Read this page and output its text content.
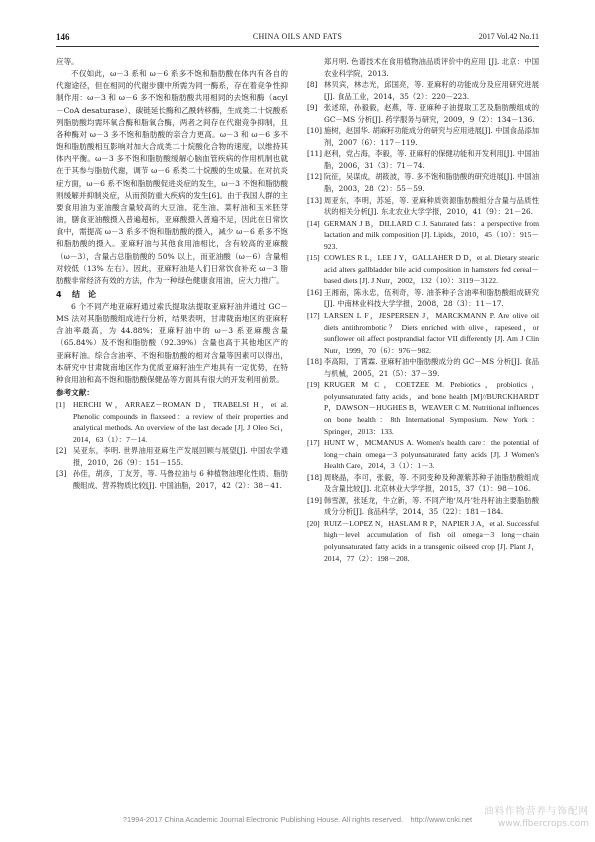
146	CHINA OILS AND FATS	2017 Vol.42 No.11

应等。

不仅如此，ω－3 系和 ω－6 系多不饱和脂肪酸在体内有各自的代谢途径，但在相同的代谢步骤中所需为同一酶系，存在着竞争性抑制作用：ω－3 和 ω－6 多不饱和脂肪酸共用相同的去饱和酶（acyl－CoA desaturase）、碳链延长酶和乙酰转移酶，生成类二十烷酸系列脂肪酸均需环氧合酶和脂氧合酶，两者之间存在代谢竞争抑制，且各种酶对 ω－3 多不饱和脂肪酸的亲合力更高。ω－3 和 ω－6 多不饱和脂肪酸相互影响对加大合成类二十烷酸化合物的速度，以维持其体内平衡。ω－3 多不饱和脂肪酸缓解心脑血管疾病的作用机制也就在于其参与脂肪代谢，调节 ω－6 系类二十烷酸的生成量。在对抗炎症方面，ω－6 系不饱和脂肪酸促进炎症的发生，ω－3 不饱和脂肪酸则缓解并抑制炎症，从而预防重大疾病的发生[6]。由于我国人群的主要食用油为亚油酸含量较高的大豆油、花生油、菜籽油和玉米胚芽油，膳食亚油酸摄入普遍超标，亚麻酸摄入普遍不足，因此在日常饮食中，需提高 ω－3 系多不饱和脂肪酸的摄入，减少 ω－6 系多不饱和脂肪酸的摄入。亚麻籽油与其他食用油相比，含有较高的亚麻酸（ω－3），含量占总脂肪酸的 50% 以上，而亚油酸（ω－6）含量相对较低（13% 左右）。因此，亚麻籽油是人们日常饮食补充 ω－3 脂肪酸非常经济有效的方法，作为一种绿色健康食用油，应大力推广。

4 结　论

6 个不同产地亚麻籽通过索氏提取法提取亚麻籽油并通过 GC－MS 法对其脂肪酸组成进行分析，结果表明，甘肃陇南地区的亚麻籽含油率最高，为 44.88%；亚麻籽油中的 ω－3 系亚麻酸含量（65.84%）及不饱和脂肪酸（92.39%）含量也高于其他地区产的亚麻籽油。综合含油率、不饱和脂肪酸的相对含量等因素可以得出，本研究中甘肃陇南地区作为优质亚麻籽油生产地具有一定优势，在特种食用油和高不饱和脂肪酸保健品等方面具有很大的开发利用前景。

参考文献：
[1] HERCHI W，ARRAEZ－ROMAN D，TRABELSI H，et al. Phenolic compounds in flaxseed：a review of their properties and analytical methods. An overview of the last decade [J]. J Oleo Sci，2014，63（1）：7－14.
[2] 吴亚东，李明. 世界油用亚麻生产发展回顾与展望[J]. 中国农学通报，2010，26（9）：151－155.
[3] 孙佳，胡彦，丁友芳，等. 马鲁拉油与 6 种植物油理化性质、脂肪酸组成、营养物质比较[J]. 中国油脂，2017，42（2）：38－41.
郑月明. 色谱技术在食用植物油品质评价中的应用 [J]. 北京：中国农业科学院，2013.
[8] 林贝宾，林志光，邱国亮，等. 亚麻籽的功能成分及应用研究进展[J]. 食品工业，2014，35（2）：220－223.
[9] 张述琼，孙毅毅，赵燕，等. 亚麻种子油提取工艺及脂肪酸组成的 GC－MS 分析[J]. 药学服务与研究，2009，9（2）：134－136.
[10] 施树，赵国华. 胡麻籽功能成分的研究与应用进展[J]. 中国食品添加剂，2007（6）：117－119.
[11] 赵利，党占海，李毅，等. 亚麻籽的保健功能和开发利用[J]. 中国油脂，2006，31（3）：71－74.
[12] 阮征，吴谋成，胡筱波，等. 多不饱和脂肪酸的研究进展[J]. 中国油脂，2003，28（2）：55－59.
[13] 周亚东，李明，苏延，等. 亚麻种质资源脂肪酸组分含量与品质性状的相关分析[J]. 东北农业大学学报，2010，41（9）：21－26.
[14] GERMAN J B，DILLARD C J. Saturated fats：a perspective from lactation and milk composition [J]. Lipids，2010，45（10）：915－923.
[15] COWLES R L，LEE J Y，GALLAHER D D，et al. Dietary stearic acid alters gallbladder bile acid composition in hamsters fed cereal－based diets [J]. J Nutr，2002，132（10）：3119－3122.
[16] 王湘南，陈永忠，伍利奇，等. 油茶种子含油率和脂肪酸组成研究[J]. 中南林业科技大学学报，2008，28（3）：11－17.
[17] LARSEN L F，JESPERSEN J，MARCKMANN P. Are olive oil diets antithrombotic？ Diets enriched with olive，rapeseed，or sunflower oil affect postprandial factor VII differently [J]. Am J Clin Nutr，1999，70（6）：976－982.
[18] 李高阳，丁霄霖. 亚麻籽油中脂肪酸成分的 GC－MS 分析[J]. 食品与机械，2005，21（5）：37－39.
[19] KRUGER M C，COETZEE M. Prebiotics，probiotics，polyunsaturated fatty acids，and bone health [M]//BURCKHARDT P，DAWSON－HUGHES B，WEAVER C M. Nutritional influences on bone health：8th International Symposium. New York：Springer，2013：133.
[17] HUNT W，MCMANUS A. Women's health care：the potential of long－chain omega－3 polyunsaturated fatty acids [J]. J Women's Health Care，2014，3（1）：1－3.
[18] 周晓晶，李可，张毅，等. 不同变种及种源紫苏种子油脂肪酸组成及含量比较[J]. 北京林业大学学报，2015，37（1）：98－106.
[19] 韩雪源，张延龙，牛立新，等. 不同产地‘凤丹’牡丹籽油主要脂肪酸成分分析[J]. 食品科学，2014，35（22）：181－184.
[20] RUIZ－LOPEZ N，HASLAM R P，NAPIER J A，et al. Successful high－level accumulation of fish oil omega－3 long－chain polyunsaturated fatty acids in a transgenic oilseed crop [J]. Plant J，2014，77（2）：198－208.
?1994-2017 China Academic Journal Electronic Publishing House. All rights reserved.　http://www.cnki.net
油料作物营养与饰配网
www.fibercrops.com
